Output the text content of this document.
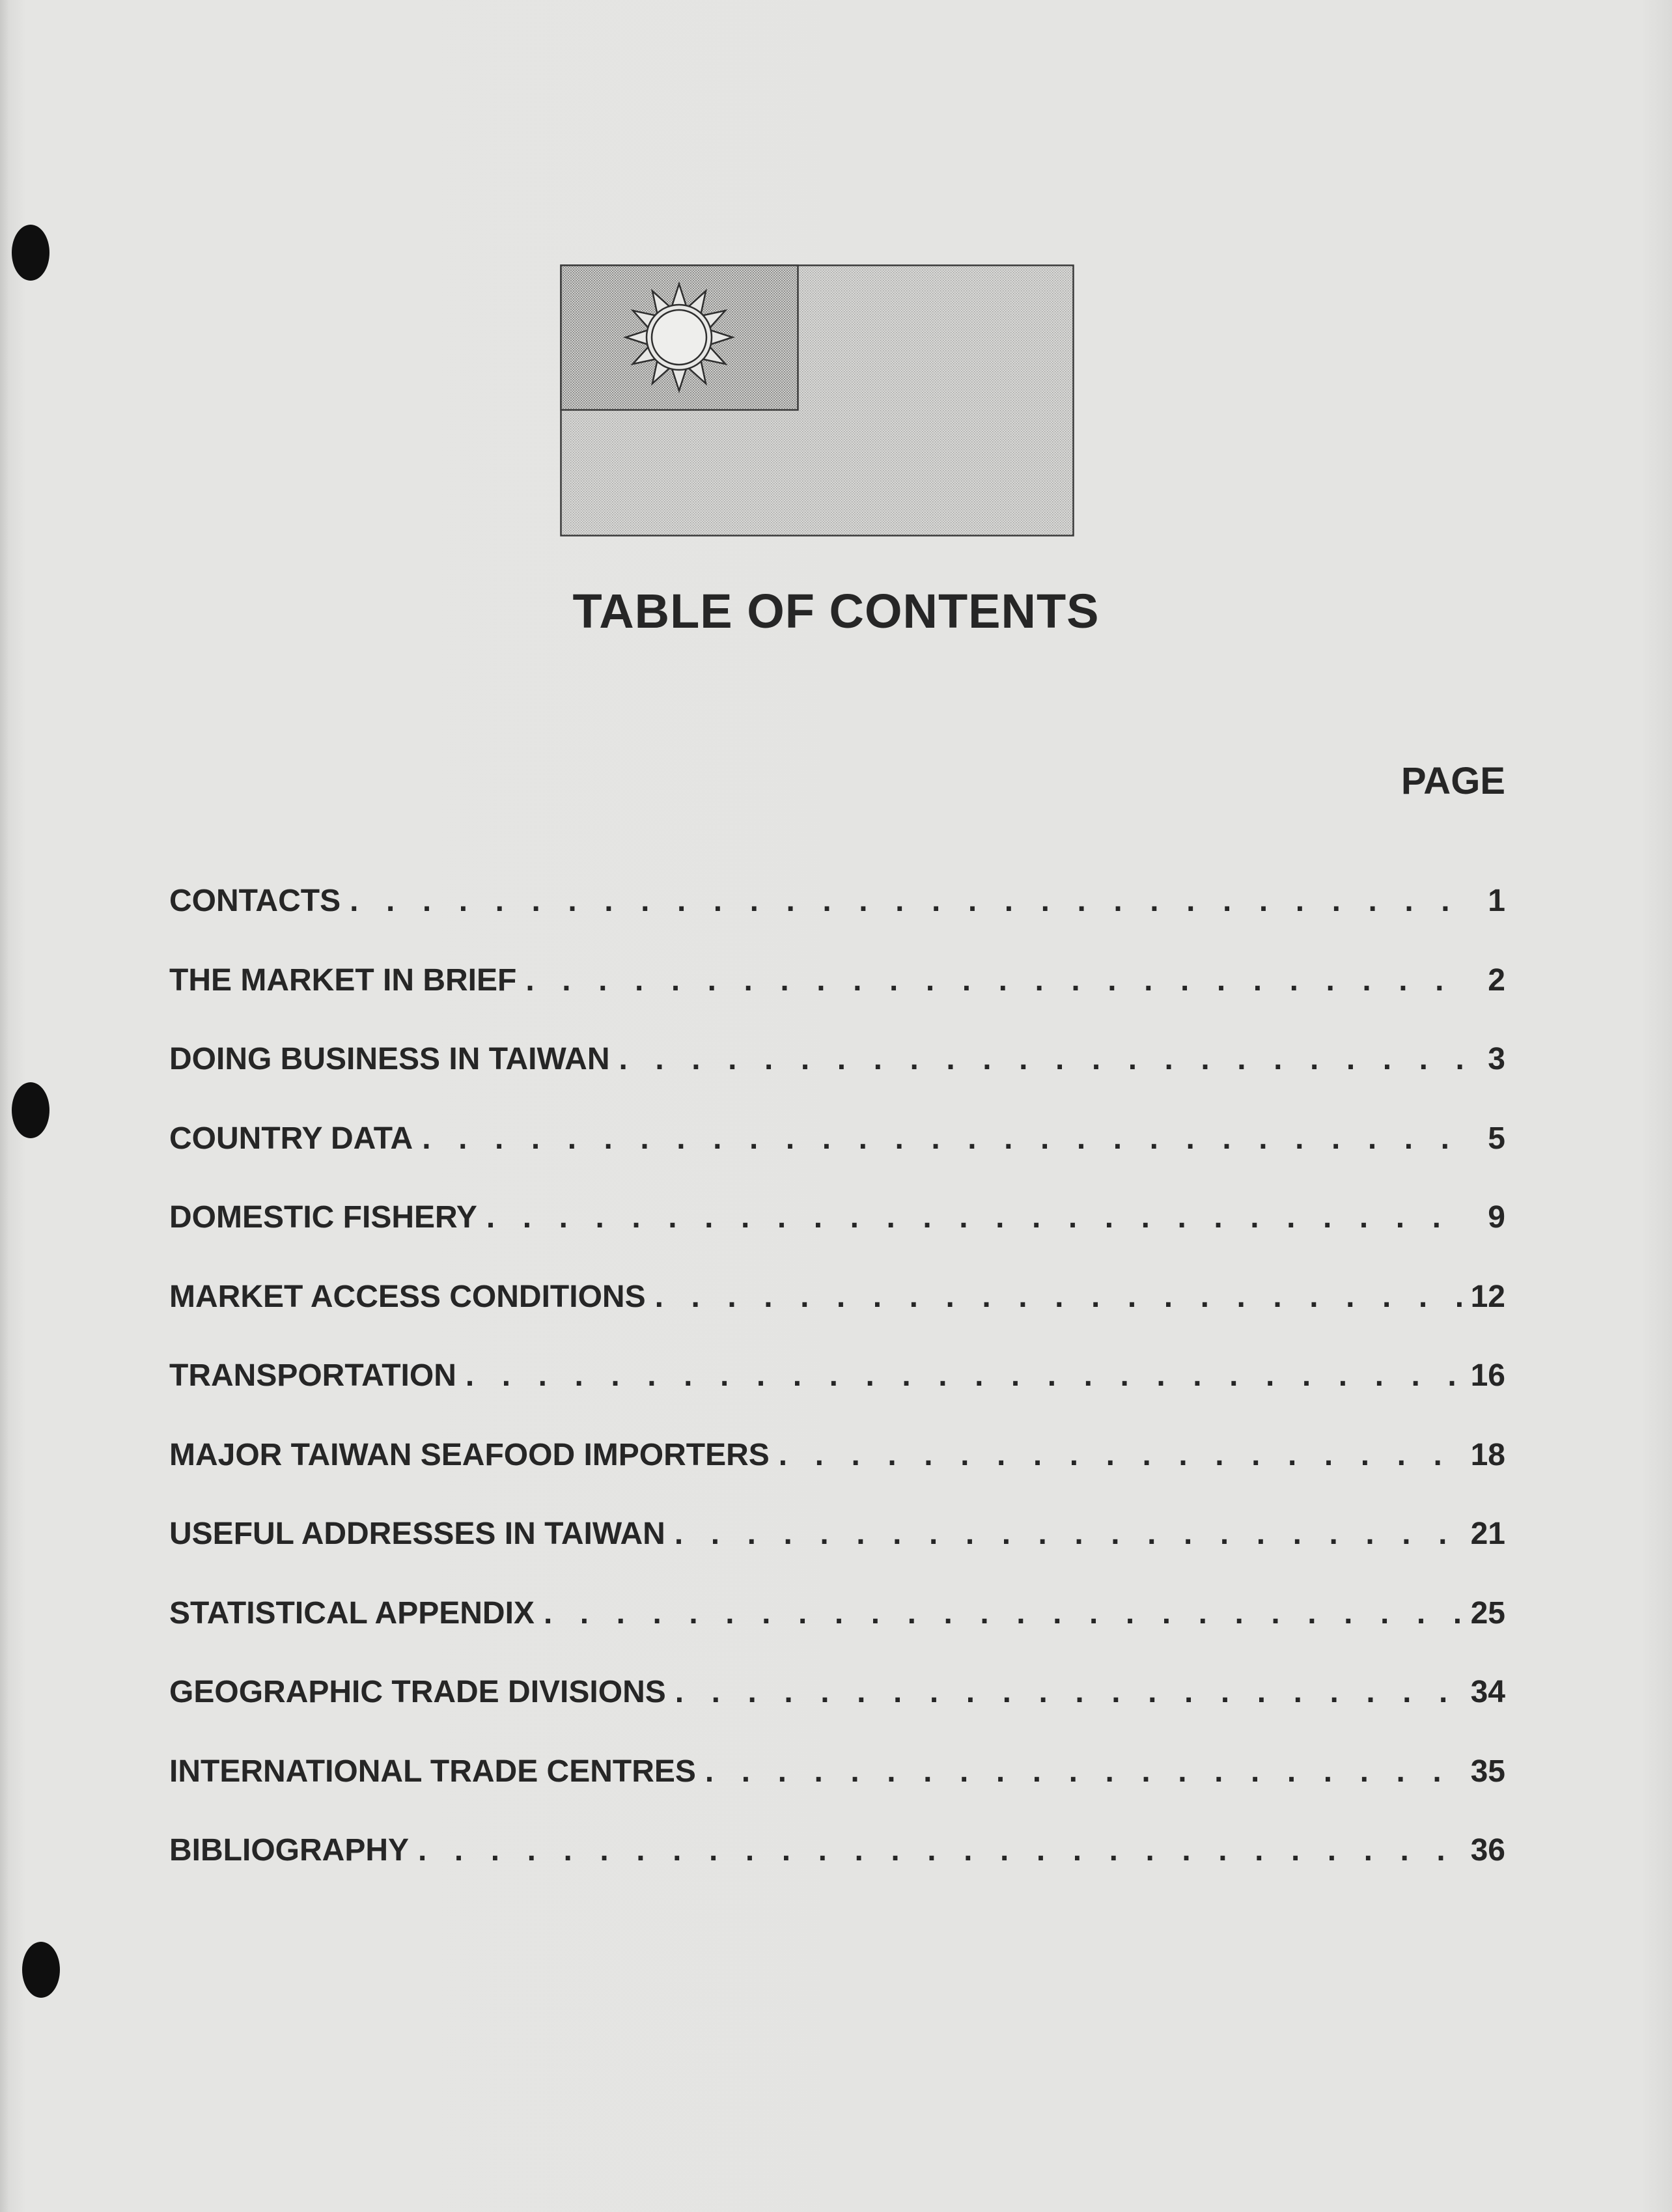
TABLE OF CONTENTS
PAGE
CONTACTS . . .	1
THE MARKET IN BRIEF . . .	2
DOING BUSINESS IN TAIWAN . . .	3
COUNTRY DATA . . .	5
DOMESTIC FISHERY . . .	9
MARKET ACCESS CONDITIONS . . .	12
TRANSPORTATION . . .	16
MAJOR TAIWAN SEAFOOD IMPORTERS . . .	18
USEFUL ADDRESSES IN TAIWAN . . .	21
STATISTICAL APPENDIX . . .	25
GEOGRAPHIC TRADE DIVISIONS . . .	34
INTERNATIONAL TRADE CENTRES . . .	35
BIBLIOGRAPHY . . .	36
